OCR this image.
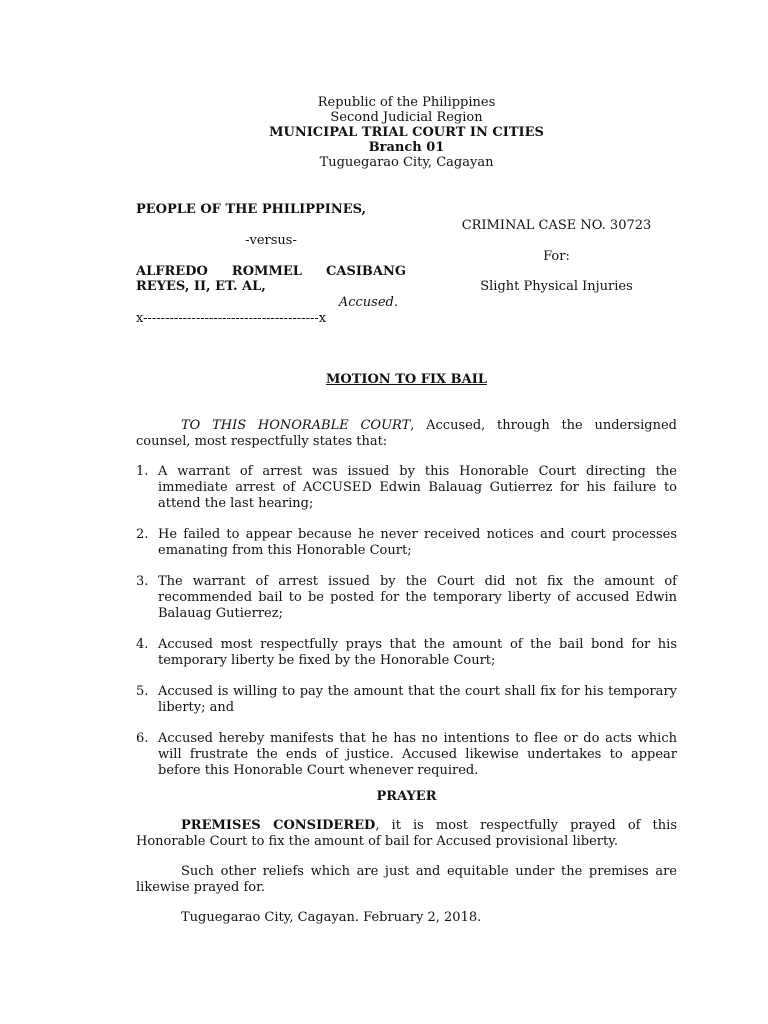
Republic of the Philippines
Second Judicial Region
MUNICIPAL TRIAL COURT IN CITIES
Branch 01
Tuguegarao City, Cagayan
PEOPLE OF THE PHILIPPINES,
-versus-
ALFREDO ROMMEL CASIBANG
REYES, II, ET. AL,
Accused.
x----------------------------------------x
CRIMINAL CASE NO. 30723
For:
Slight Physical Injuries
MOTION TO FIX BAIL
TO THIS HONORABLE COURT, Accused, through the undersigned counsel, most respectfully states that:
1. A warrant of arrest was issued by this Honorable Court directing the immediate arrest of ACCUSED Edwin Balauag Gutierrez for his failure to attend the last hearing;
2. He failed to appear because he never received notices and court processes emanating from this Honorable Court;
3. The warrant of arrest issued by the Court did not fix the amount of recommended bail to be posted for the temporary liberty of accused Edwin Balauag Gutierrez;
4. Accused most respectfully prays that the amount of the bail bond for his temporary liberty be fixed by the Honorable Court;
5. Accused is willing to pay the amount that the court shall fix for his temporary liberty; and
6. Accused hereby manifests that he has no intentions to flee or do acts which will frustrate the ends of justice. Accused likewise undertakes to appear before this Honorable Court whenever required.
PRAYER
PREMISES CONSIDERED, it is most respectfully prayed of this Honorable Court to fix the amount of bail for Accused provisional liberty.
Such other reliefs which are just and equitable under the premises are likewise prayed for.
Tuguegarao City, Cagayan. February 2, 2018.
